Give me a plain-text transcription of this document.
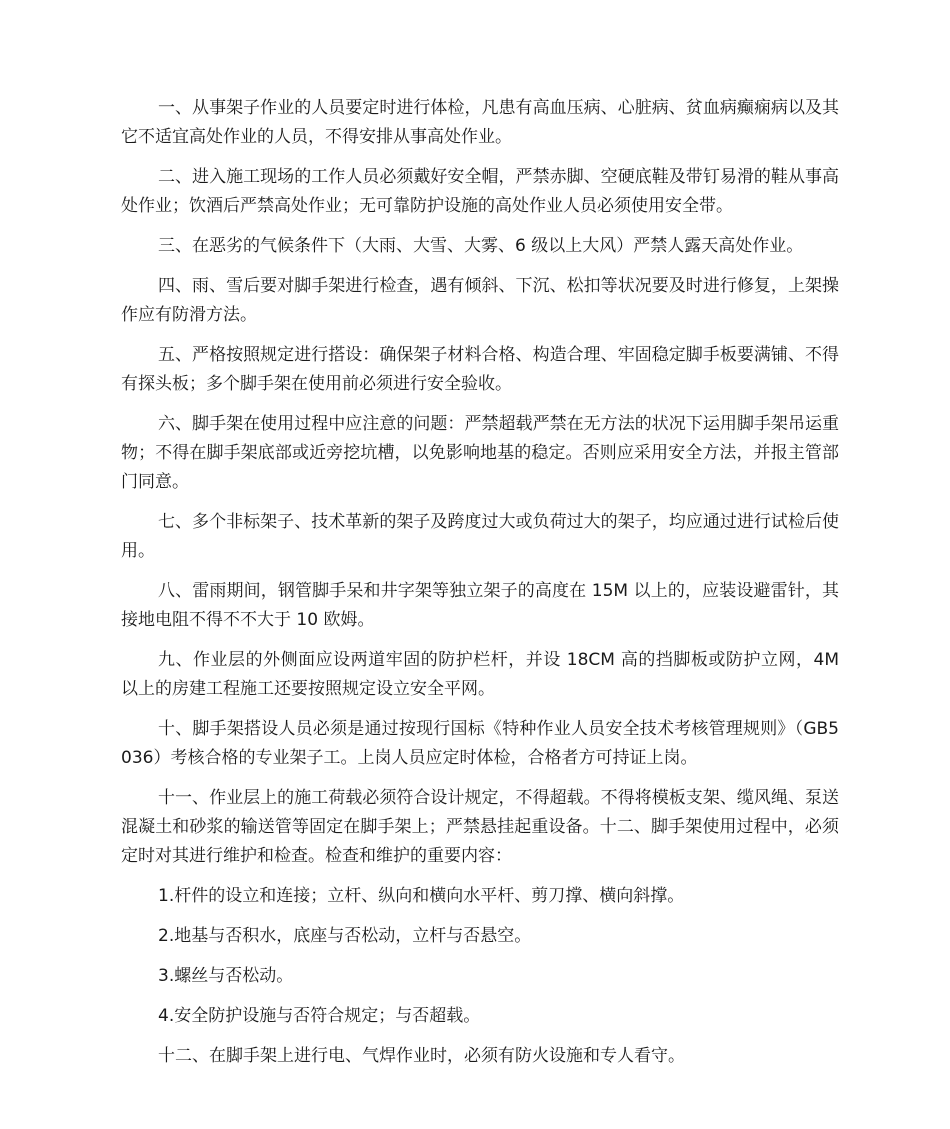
一、从事架子作业的人员要定时进行体检，凡患有高血压病、心脏病、贫血病癫痫病以及其它不适宜高处作业的人员，不得安排从事高处作业。

二、进入施工现场的工作人员必须戴好安全帽，严禁赤脚、空硬底鞋及带钉易滑的鞋从事高处作业；饮酒后严禁高处作业；无可靠防护设施的高处作业人员必须使用安全带。

三、在恶劣的气候条件下（大雨、大雪、大雾、6 级以上大风）严禁人露天高处作业。

四、雨、雪后要对脚手架进行检查，遇有倾斜、下沉、松扣等状况要及时进行修复，上架操作应有防滑方法。

五、严格按照规定进行搭设：确保架子材料合格、构造合理、牢固稳定脚手板要满铺、不得有探头板；多个脚手架在使用前必须进行安全验收。

六、脚手架在使用过程中应注意的问题：严禁超载严禁在无方法的状况下运用脚手架吊运重物；不得在脚手架底部或近旁挖坑槽，以免影响地基的稳定。否则应采用安全方法，并报主管部门同意。

七、多个非标架子、技术革新的架子及跨度过大或负荷过大的架子，均应通过进行试检后使用。

八、雷雨期间，钢管脚手呆和井字架等独立架子的高度在 15M 以上的，应装设避雷针，其接地电阻不得不不大于 10 欧姆。

九、作业层的外侧面应设两道牢固的防护栏杆，并设 18CM 高的挡脚板或防护立网，4M 以上的房建工程施工还要按照规定设立安全平网。

十、脚手架搭设人员必须是通过按现行国标《特种作业人员安全技术考核管理规则》（GB5036）考核合格的专业架子工。上岗人员应定时体检，合格者方可持证上岗。

十一、作业层上的施工荷载必须符合设计规定，不得超载。不得将模板支架、缆风绳、泵送混凝土和砂浆的输送管等固定在脚手架上；严禁悬挂起重设备。十二、脚手架使用过程中，必须定时对其进行维护和检查。检查和维护的重要内容：

1.杆件的设立和连接；立杆、纵向和横向水平杆、剪刀撑、横向斜撑。

2.地基与否积水，底座与否松动，立杆与否悬空。

3.螺丝与否松动。

4.安全防护设施与否符合规定；与否超载。

十二、在脚手架上进行电、气焊作业时，必须有防火设施和专人看守。
